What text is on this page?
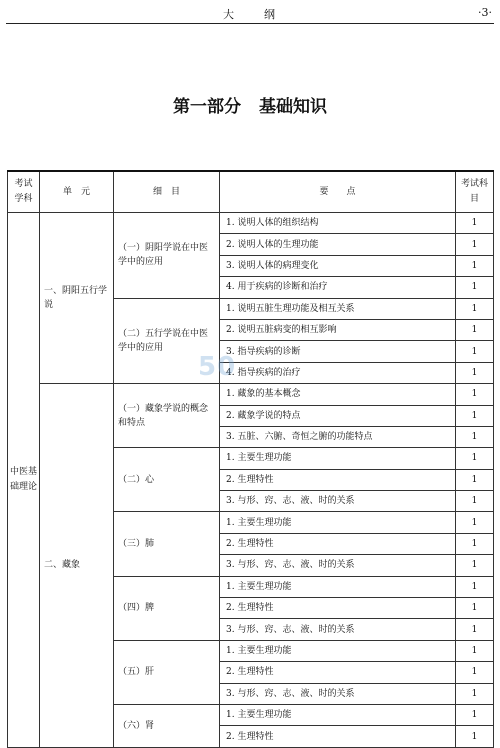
大	纲	·3·
第一部分 基础知识
考试学科	单　元	细　目	要　　点	考试科目
中医基础理论	一、阴阳五行学说	（一）阴阳学说在中医学中的应用	1. 说明人体的组织结构	1
			2. 说明人体的生理功能	1
			3. 说明人体的病理变化	1
			4. 用于疾病的诊断和治疗	1
		（二）五行学说在中医学中的应用	1. 说明五脏生理功能及相互关系	1
			2. 说明五脏病变的相互影响	1
			3. 指导疾病的诊断	1
			4. 指导疾病的治疗	1
	二、藏象	（一）藏象学说的概念和特点	1. 藏象的基本概念	1
			2. 藏象学说的特点	1
			3. 五脏、六腑、奇恒之腑的功能特点	1
		（二）心	1. 主要生理功能	1
			2. 生理特性	1
			3. 与形、窍、志、液、时的关系	1
		（三）肺	1. 主要生理功能	1
			2. 生理特性	1
			3. 与形、窍、志、液、时的关系	1
		（四）脾	1. 主要生理功能	1
			2. 生理特性	1
			3. 与形、窍、志、液、时的关系	1
		（五）肝	1. 主要生理功能	1
			2. 生理特性	1
			3. 与形、窍、志、液、时的关系	1
		（六）肾	1. 主要生理功能	1
			2. 生理特性	1
50
